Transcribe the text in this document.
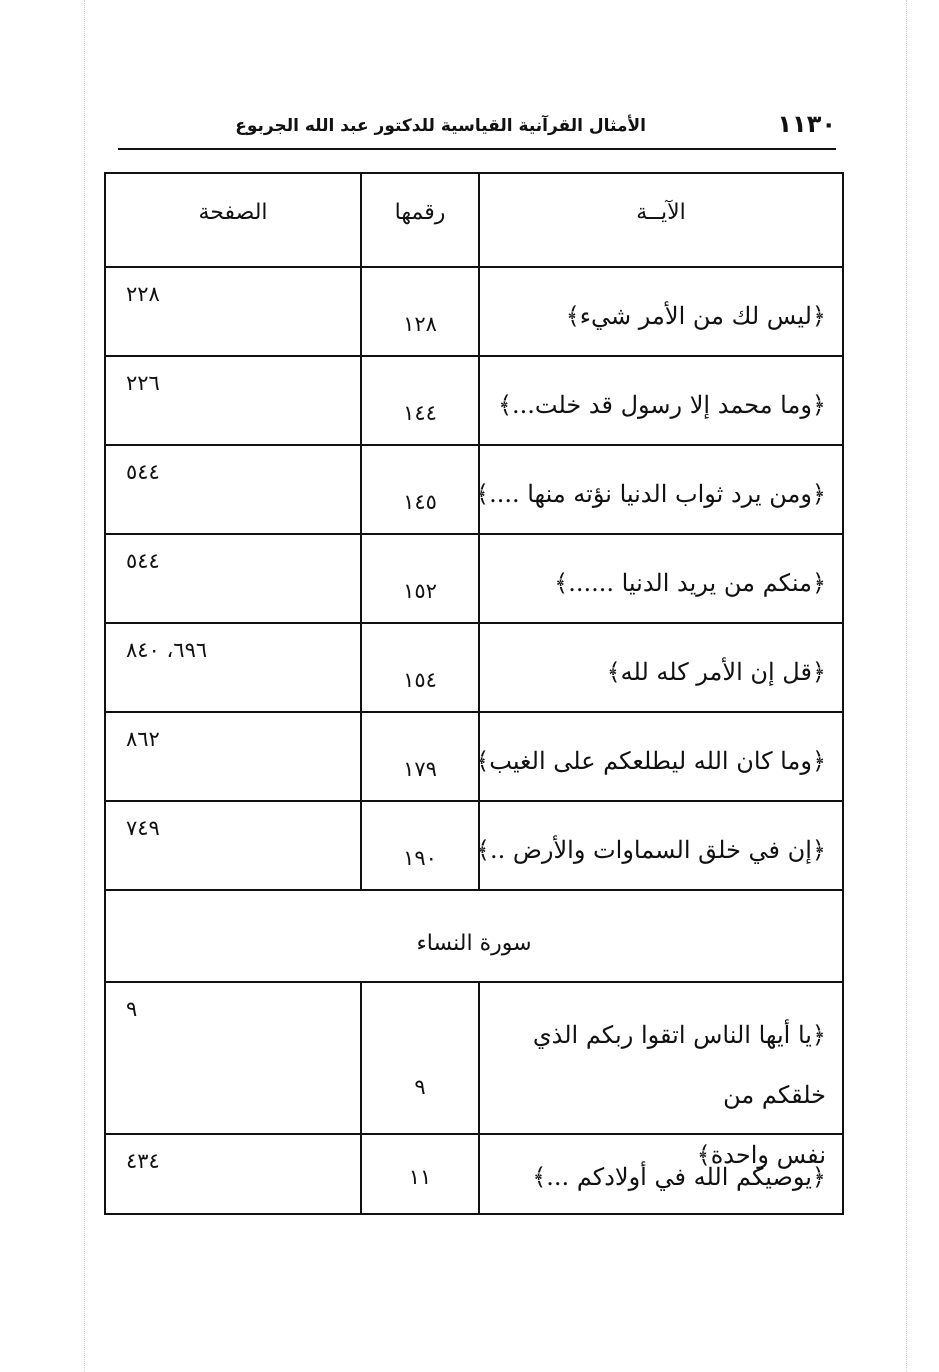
١١٣٠
الأمثال القرآنية القياسية للدكتور عبد الله الجربوع
الآيــة
رقمها
الصفحة
﴿ليس لك من الأمر شيء﴾
١٢٨
٢٢٨
﴿وما محمد إلا رسول قد خلت...﴾
١٤٤
٢٢٦
﴿ومن يرد ثواب الدنيا نؤته منها ....﴾
١٤٥
٥٤٤
﴿منكم من يريد الدنيا ......﴾
١٥٢
٥٤٤
﴿قل إن الأمر كله لله﴾
١٥٤
٦٩٦، ٨٤٠
﴿وما كان الله ليطلعكم على الغيب﴾
١٧٩
٨٦٢
﴿إن في خلق السماوات والأرض ..﴾
١٩٠
٧٤٩
سورة النساء
﴿يا أيها الناس اتقوا ربكم الذي خلقكم من
نفس واحدة﴾
٩
٩
﴿يوصيكم الله في أولادكم ...﴾
١١
٤٣٤
